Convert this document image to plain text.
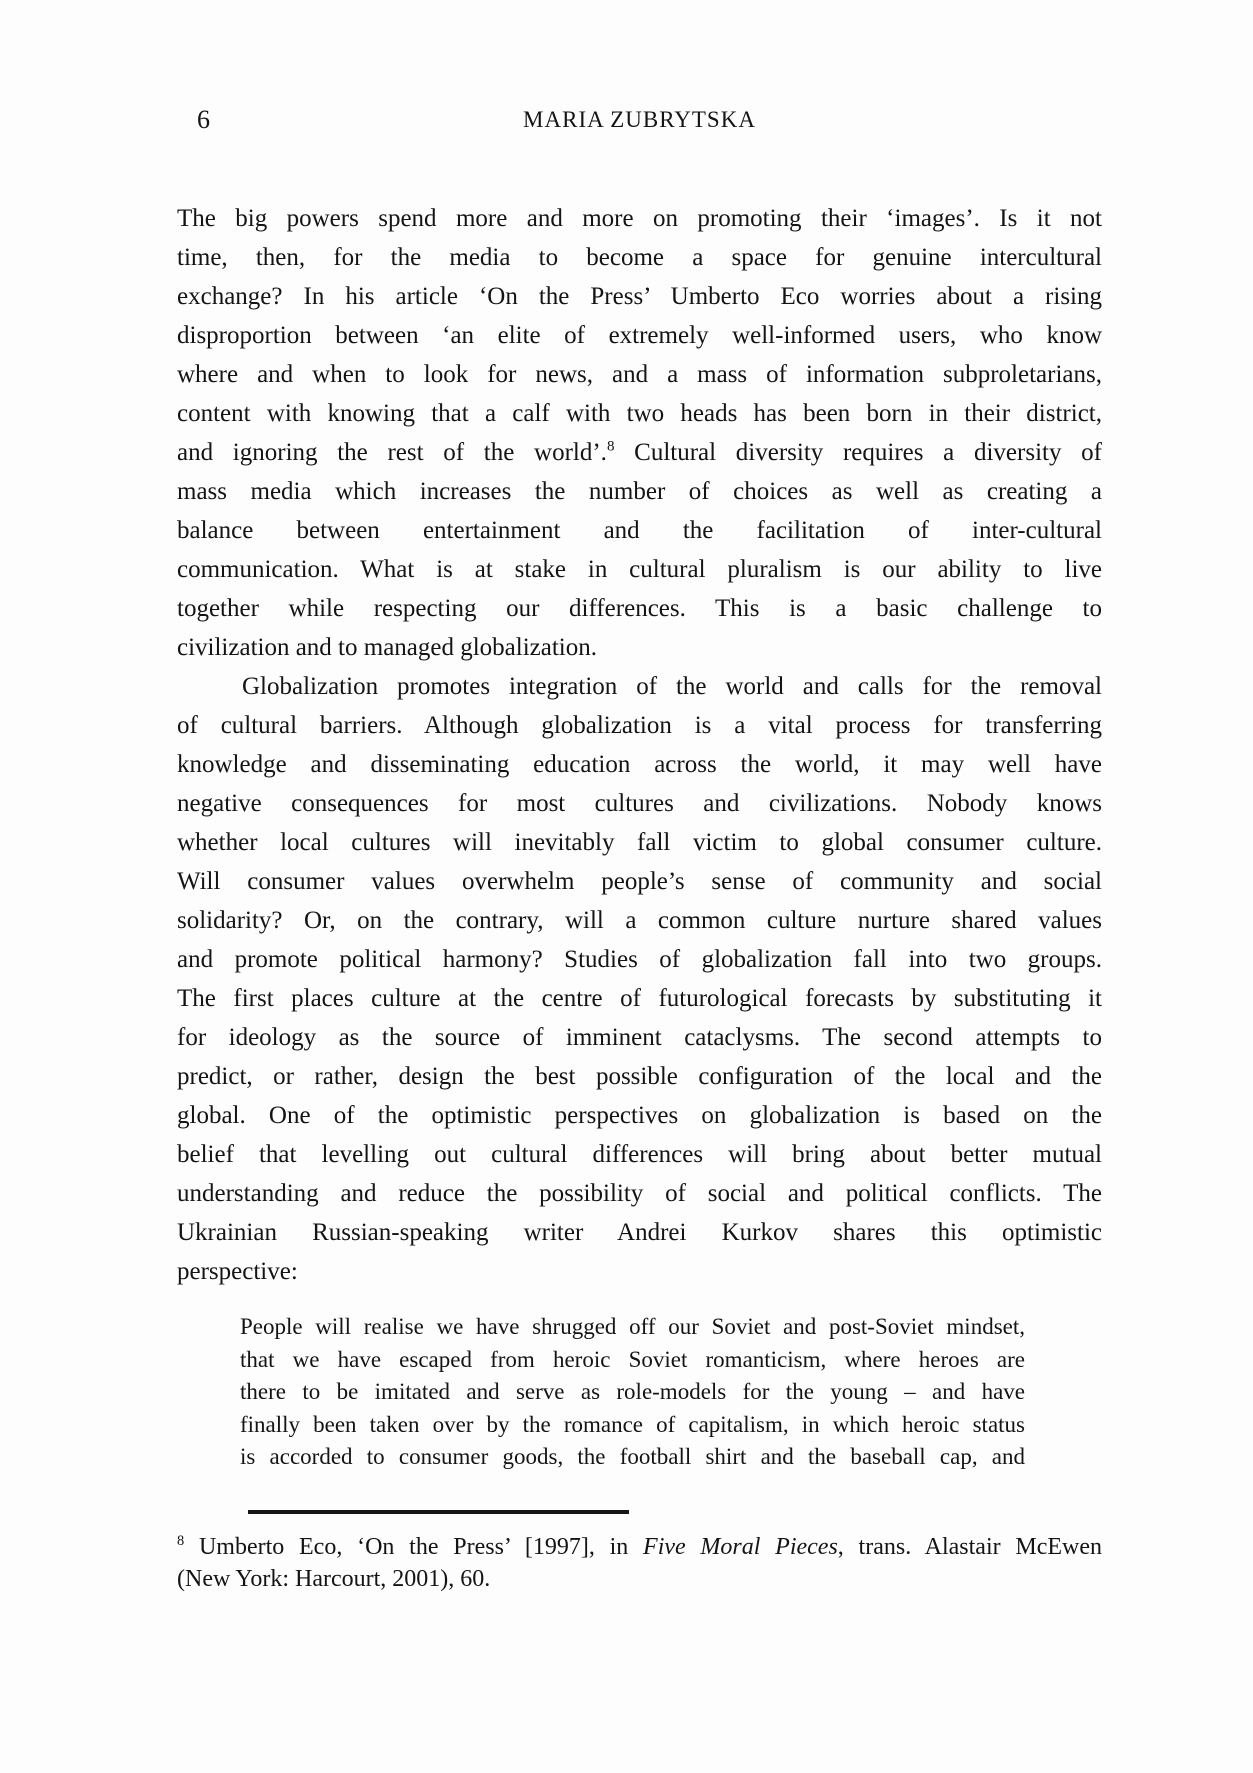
6	MARIA ZUBRYTSKA
The big powers spend more and more on promoting their ‘images’. Is it not
time, then, for the media to become a space for genuine intercultural
exchange? In his article ‘On the Press’ Umberto Eco worries about a rising
disproportion between ‘an elite of extremely well-informed users, who know
where and when to look for news, and a mass of information subproletarians,
content with knowing that a calf with two heads has been born in their district,
and ignoring the rest of the world’.$^8$ Cultural diversity requires a diversity of
mass media which increases the number of choices as well as creating a
balance between entertainment and the facilitation of inter-cultural
communication. What is at stake in cultural pluralism is our ability to live
together while respecting our differences. This is a basic challenge to
civilization and to managed globalization.
Globalization promotes integration of the world and calls for the removal
of cultural barriers. Although globalization is a vital process for transferring
knowledge and disseminating education across the world, it may well have
negative consequences for most cultures and civilizations. Nobody knows
whether local cultures will inevitably fall victim to global consumer culture.
Will consumer values overwhelm people’s sense of community and social
solidarity? Or, on the contrary, will a common culture nurture shared values
and promote political harmony? Studies of globalization fall into two groups.
The first places culture at the centre of futurological forecasts by substituting it
for ideology as the source of imminent cataclysms. The second attempts to
predict, or rather, design the best possible configuration of the local and the
global. One of the optimistic perspectives on globalization is based on the
belief that levelling out cultural differences will bring about better mutual
understanding and reduce the possibility of social and political conflicts. The
Ukrainian Russian-speaking writer Andrei Kurkov shares this optimistic
perspective:
People will realise we have shrugged off our Soviet and post-Soviet mindset,
that we have escaped from heroic Soviet romanticism, where heroes are
there to be imitated and serve as role-models for the young – and have
finally been taken over by the romance of capitalism, in which heroic status
is accorded to consumer goods, the football shirt and the baseball cap, and
$^8$ Umberto Eco, ‘On the Press’ [1997], in Five Moral Pieces, trans. Alastair McEwen
(New York: Harcourt, 2001), 60.
